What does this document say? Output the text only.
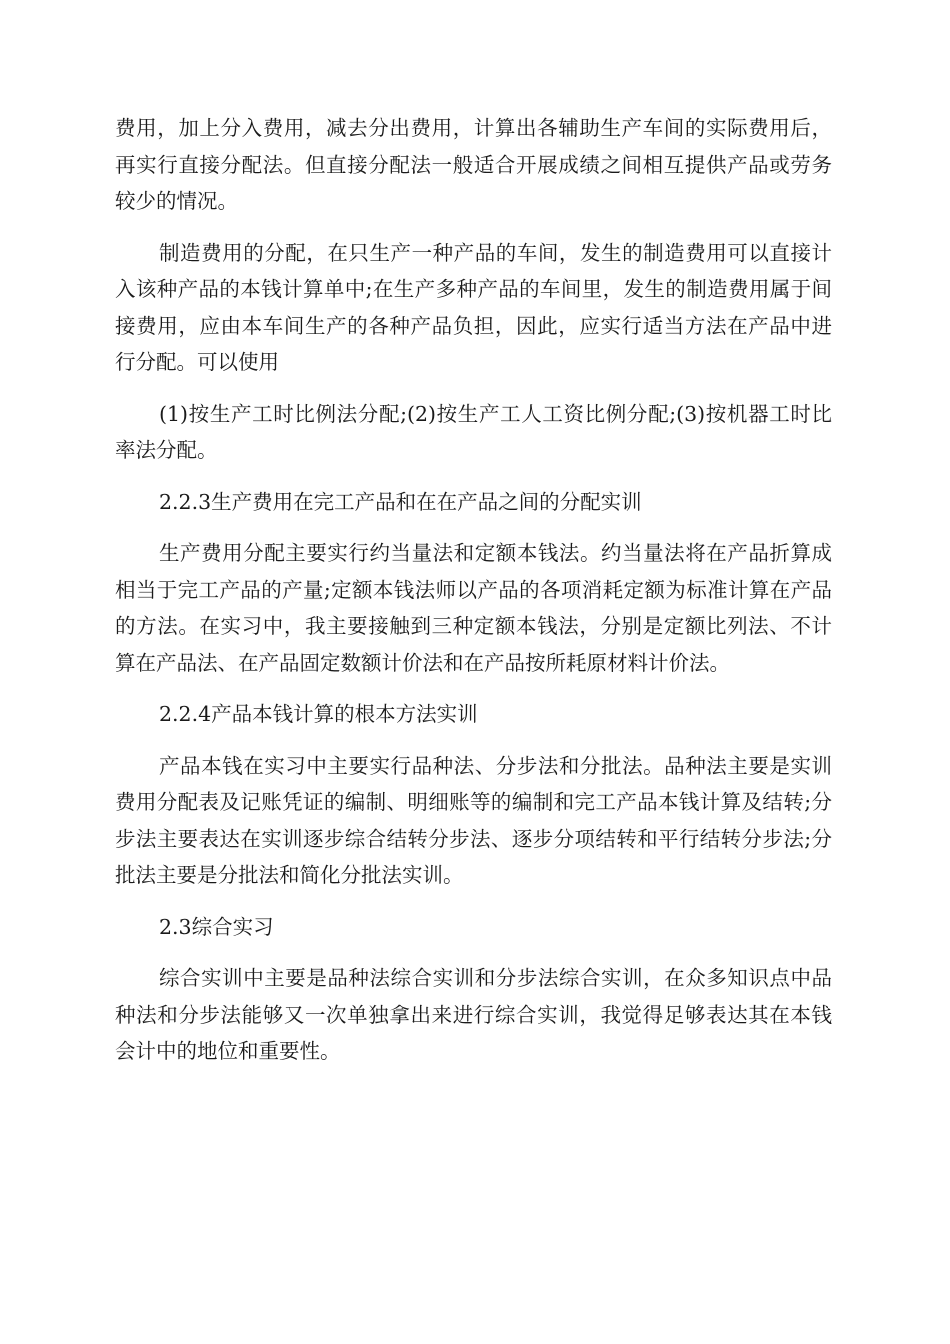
费用，加上分入费用，减去分出费用，计算出各辅助生产车间的实际费用后，再实行直接分配法。但直接分配法一般适合开展成绩之间相互提供产品或劳务较少的情况。

制造费用的分配，在只生产一种产品的车间，发生的制造费用可以直接计入该种产品的本钱计算单中;在生产多种产品的车间里，发生的制造费用属于间接费用，应由本车间生产的各种产品负担，因此，应实行适当方法在产品中进行分配。可以使用

(1)按生产工时比例法分配;(2)按生产工人工资比例分配;(3)按机器工时比率法分配。

2.2.3生产费用在完工产品和在在产品之间的分配实训

生产费用分配主要实行约当量法和定额本钱法。约当量法将在产品折算成相当于完工产品的产量;定额本钱法师以产品的各项消耗定额为标准计算在产品的方法。在实习中，我主要接触到三种定额本钱法，分别是定额比列法、不计算在产品法、在产品固定数额计价法和在产品按所耗原材料计价法。

2.2.4产品本钱计算的根本方法实训

产品本钱在实习中主要实行品种法、分步法和分批法。品种法主要是实训费用分配表及记账凭证的编制、明细账等的编制和完工产品本钱计算及结转;分步法主要表达在实训逐步综合结转分步法、逐步分项结转和平行结转分步法;分批法主要是分批法和简化分批法实训。

2.3综合实习

综合实训中主要是品种法综合实训和分步法综合实训，在众多知识点中品种法和分步法能够又一次单独拿出来进行综合实训，我觉得足够表达其在本钱会计中的地位和重要性。
